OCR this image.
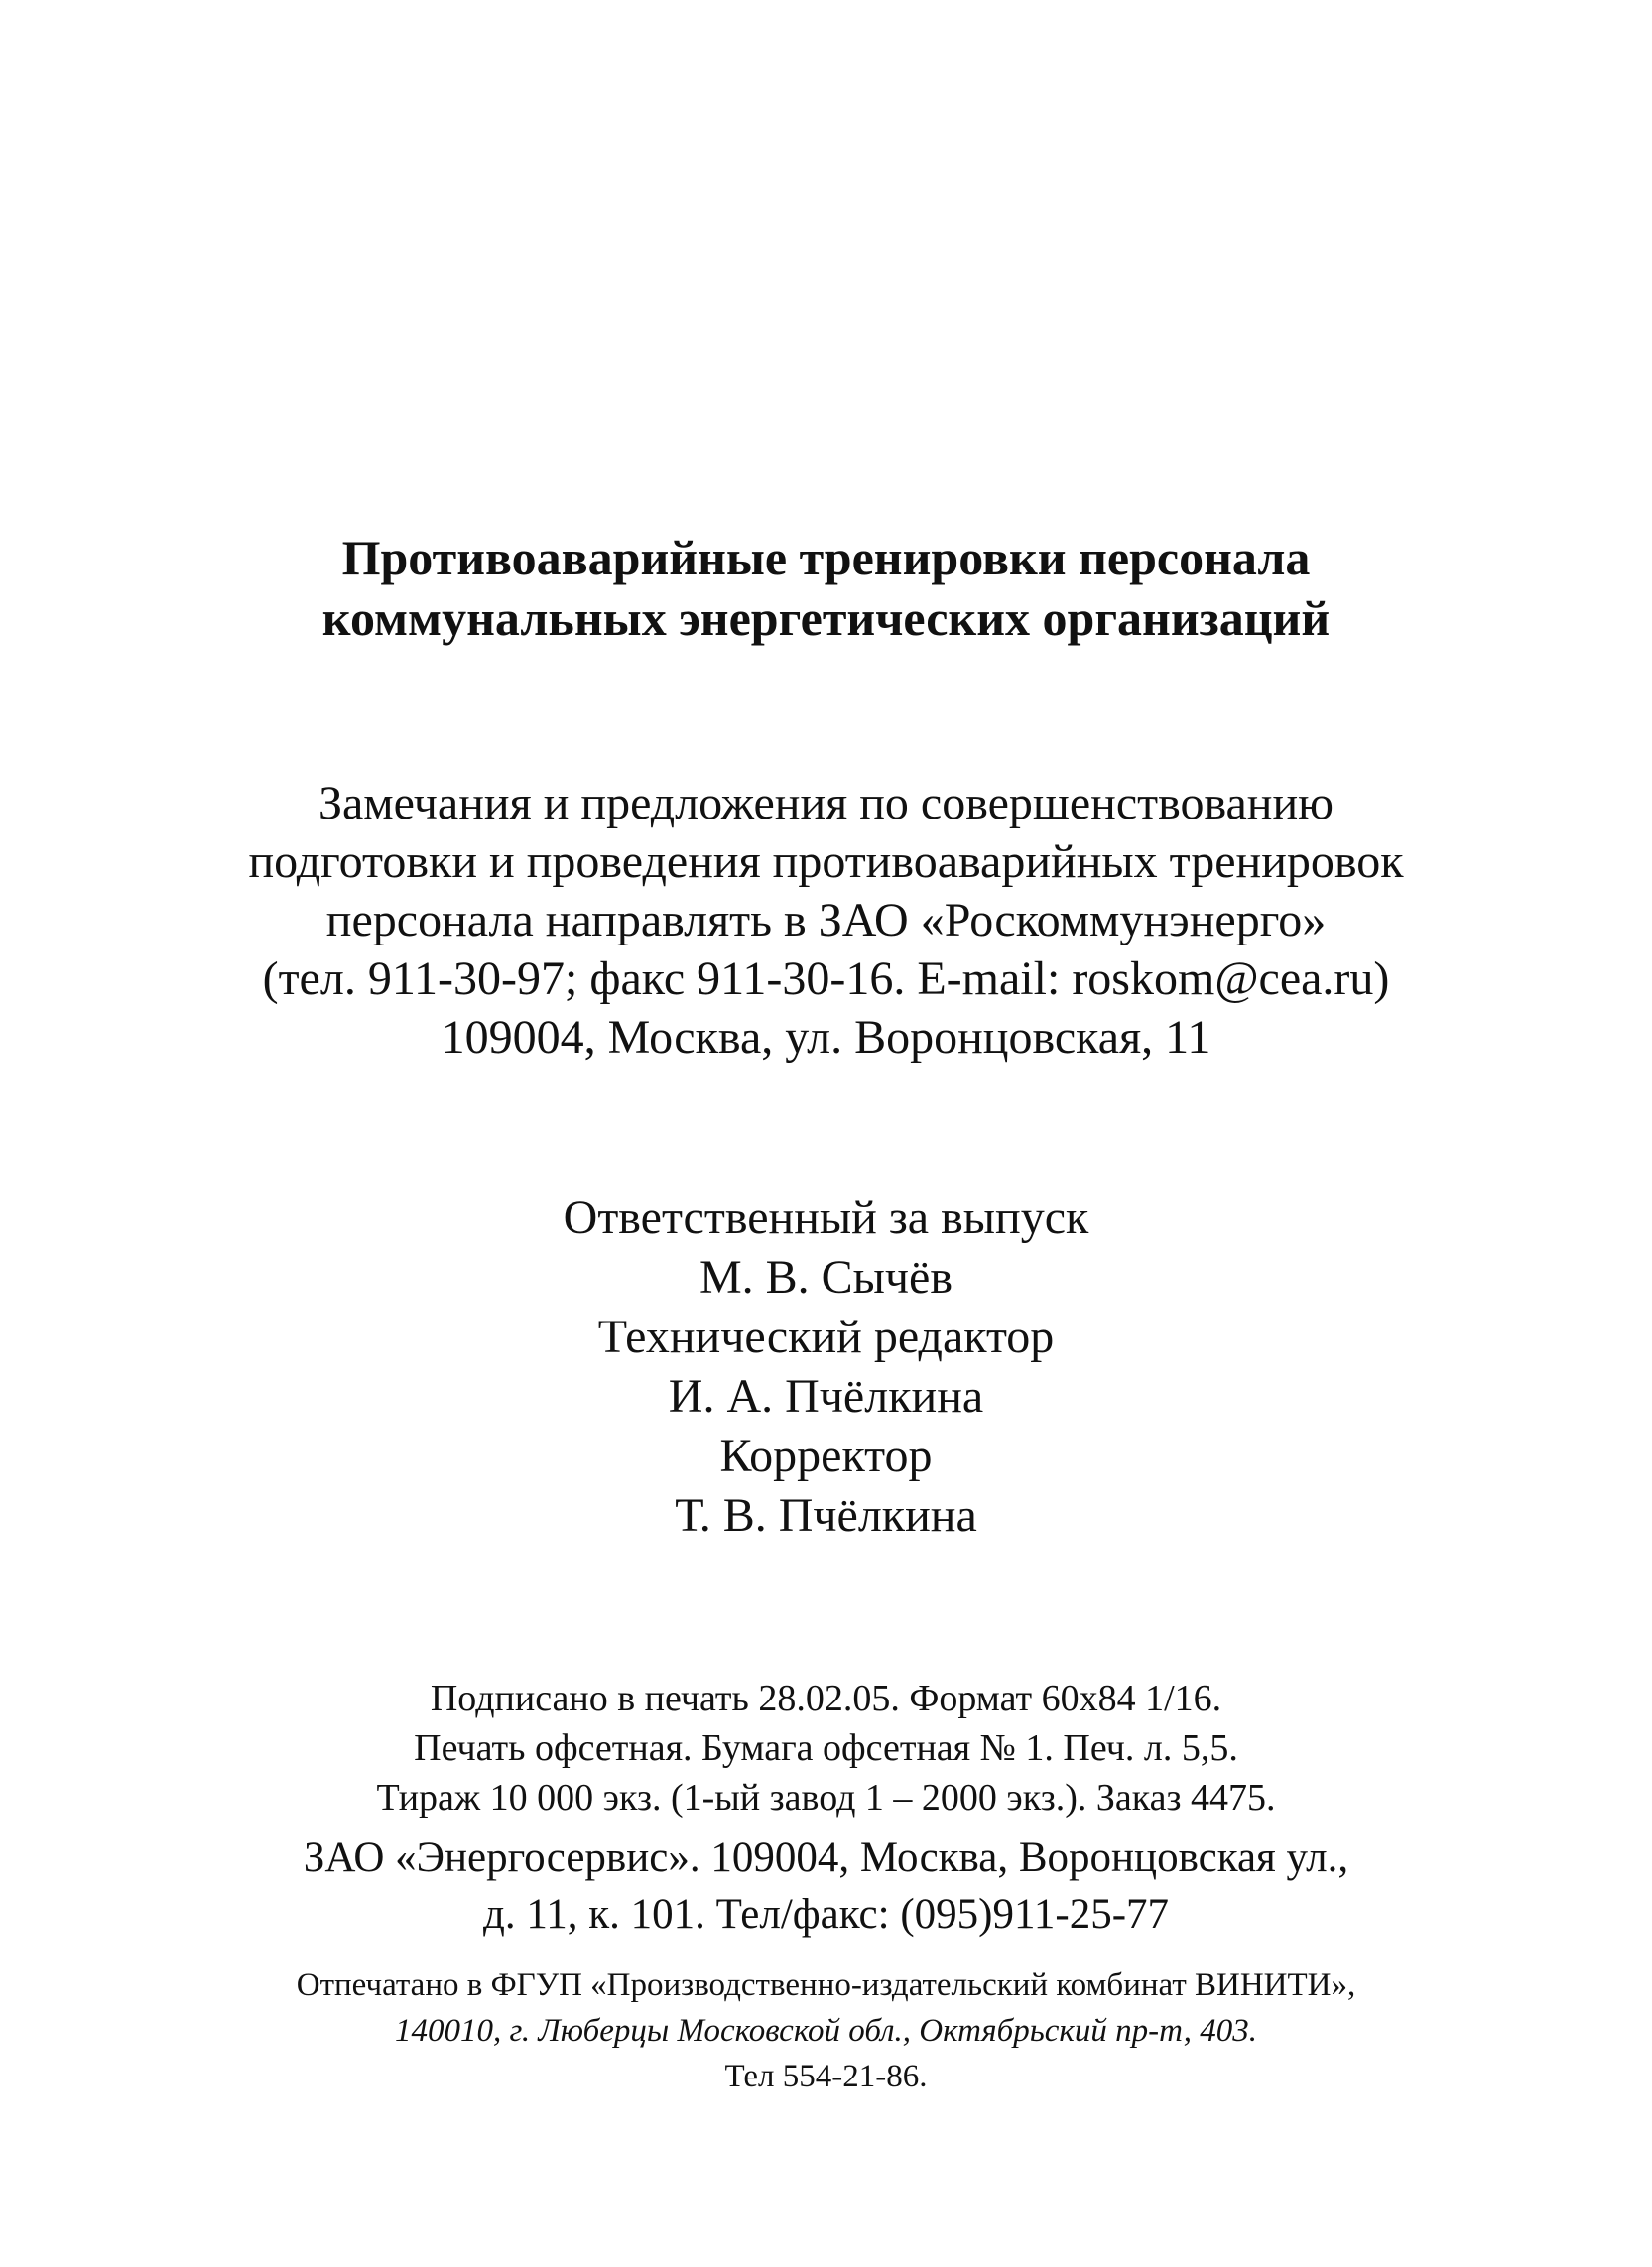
Противоаварийные тренировки персонала
коммунальных энергетических организаций
Замечания и предложения по совершенствованию
подготовки и проведения противоаварийных тренировок
персонала направлять в ЗАО «Роскоммунэнерго»
(тел. 911-30-97; факс 911-30-16. E-mail: roskom@cea.ru)
109004, Москва, ул. Воронцовская, 11
Ответственный за выпуск
М. В. Сычёв
Технический редактор
И. А. Пчёлкина
Корректор
Т. В. Пчёлкина
Подписано в печать 28.02.05. Формат 60х84 1/16.
Печать офсетная. Бумага офсетная № 1. Печ. л. 5,5.
Тираж 10 000 экз. (1-ый завод 1 – 2000 экз.). Заказ 4475.
ЗАО «Энергосервис». 109004, Москва, Воронцовская ул.,
д. 11, к. 101. Тел/факс: (095)911-25-77
Отпечатано в ФГУП «Производственно-издательский комбинат ВИНИТИ»,
140010, г. Люберцы Московской обл., Октябрьский пр-т, 403.
Тел 554-21-86.
